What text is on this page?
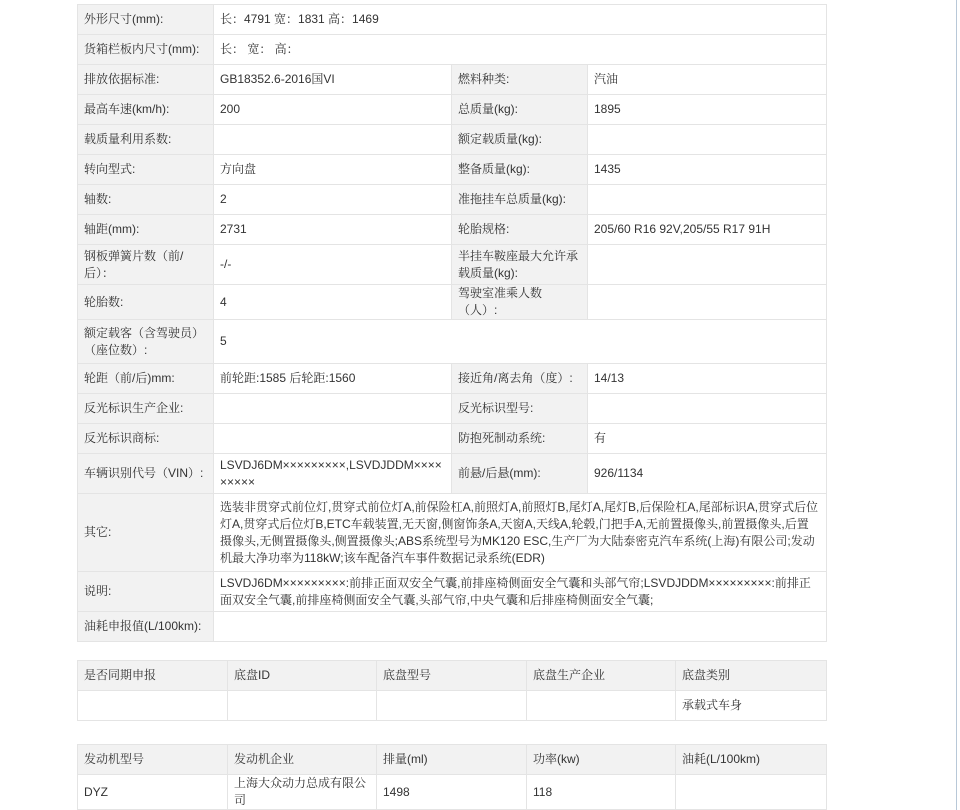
外形尺寸(mm):	长：4791 宽：1831 高：1469		
货箱栏板内尺寸(mm):	长： 宽： 高：		
排放依据标准:	GB18352.6-2016国VI	燃料种类:	汽油
最高车速(km/h):	200	总质量(kg):	1895
载质量利用系数:		额定载质量(kg):	
转向型式:	方向盘	整备质量(kg):	1435
轴数:	2	准拖挂车总质量(kg):	
轴距(mm):	2731	轮胎规格:	205/60 R16 92V,205/55 R17 91H
钢板弹簧片数（前/后）：	-/-	半挂车鞍座最大允许承载质量(kg):	
轮胎数:	4	驾驶室准乘人数（人）:	
额定载客（含驾驶员）（座位数）:	5		
轮距（前/后)mm:	前轮距:1585 后轮距:1560	接近角/离去角（度）:	14/13
反光标识生产企业:		反光标识型号:	
反光标识商标:		防抱死制动系统:	有
车辆识别代号（VIN）:	LSVDJ6DM×××××××××,LSVDJDDM×××××××××	前悬/后悬(mm):	926/1134
其它:	选装非贯穿式前位灯,贯穿式前位灯A,前保险杠A,前照灯A,前照灯B,尾灯A,尾灯B,后保险杠A,尾部标识A,贯穿式后位灯A,贯穿式后位灯B,ETC车载装置,无天窗,侧窗饰条A,天窗A,天线A,轮毂,门把手A,无前置摄像头,前置摄像头,后置摄像头,无侧置摄像头,侧置摄像头;ABS系统型号为MK120 ESC,生产厂为大陆泰密克汽车系统(上海)有限公司;发动机最大净功率为118kW;该车配备汽车事件数据记录系统(EDR)		
说明:	LSVDJ6DM×××××××××:前排正面双安全气囊,前排座椅侧面安全气囊和头部气帘;LSVDJDDM×××××××××:前排正面双安全气囊,前排座椅侧面安全气囊,头部气帘,中央气囊和后排座椅侧面安全气囊;		
油耗申报值(L/100km):			
是否同期申报	底盘ID	底盘型号	底盘生产企业	底盘类别
				承载式车身
发动机型号	发动机企业	排量(ml)	功率(kw)	油耗(L/100km)
DYZ	上海大众动力总成有限公司	1498	118	
